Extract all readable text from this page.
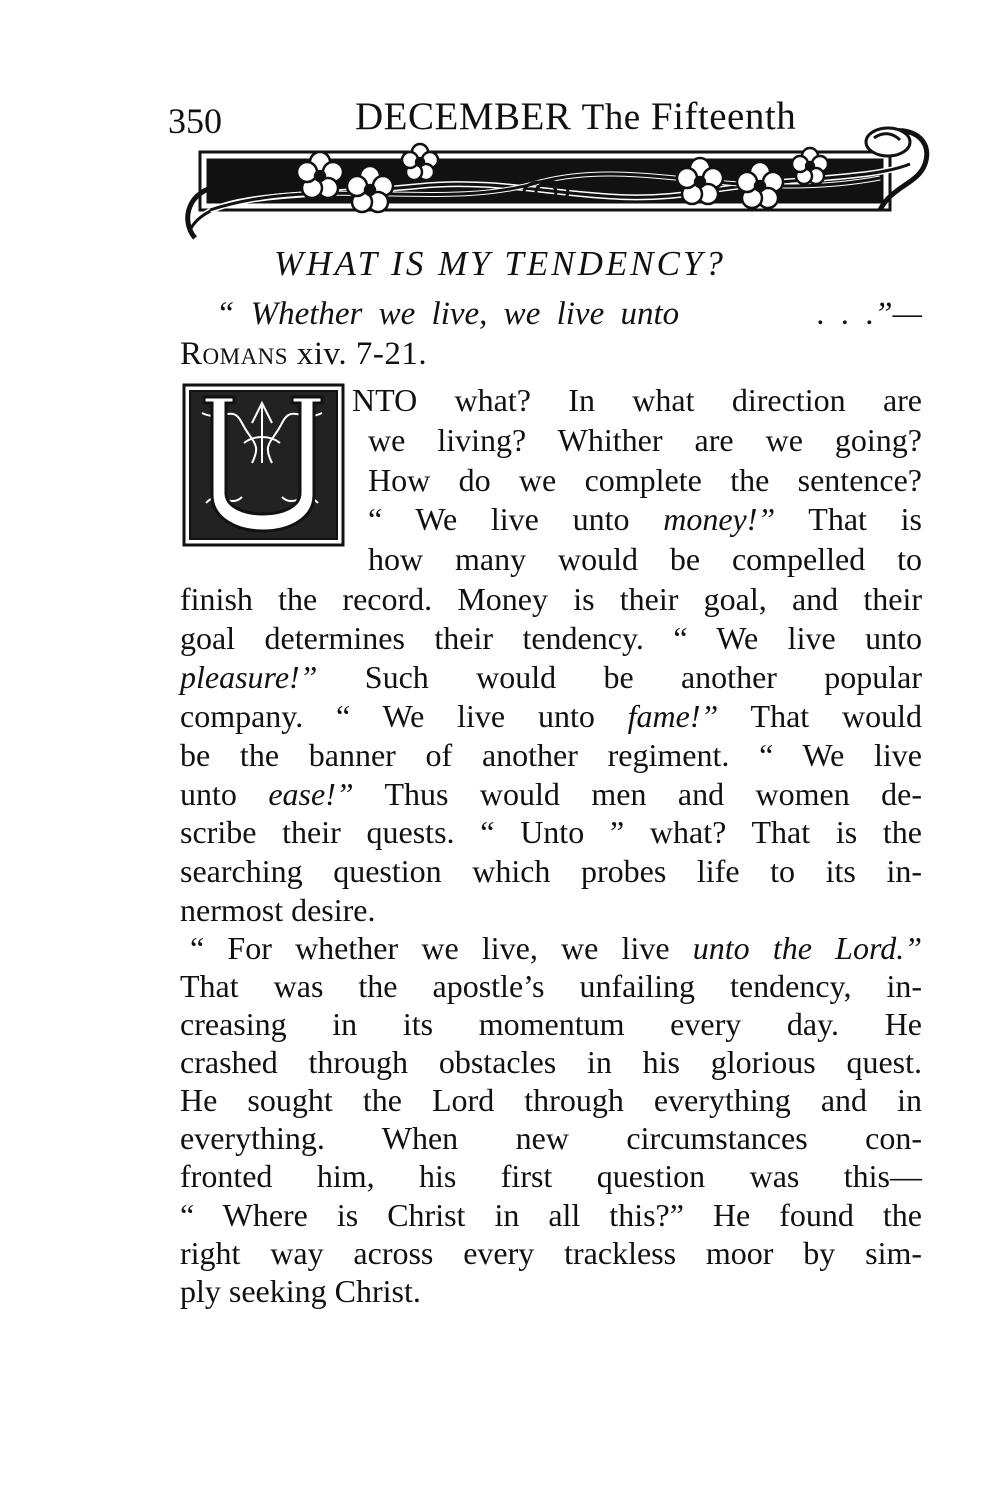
350	DECEMBER The Fifteenth
WHAT IS MY TENDENCY?
“ Whether we live, we live unto	. . .”—
Romans xiv. 7-21.
NTO what? In what direction are
we living? Whither are we going?
How do we complete the sentence?
“ We live unto money!” That is
how many would be compelled to
finish the record. Money is their goal, and their
goal determines their tendency. “ We live unto
pleasure!” Such would be another popular
company. “ We live unto fame!” That would
be the banner of another regiment. “ We live
unto ease!” Thus would men and women de-
scribe their quests. “ Unto ” what? That is the
searching question which probes life to its in-
nermost desire.
“ For whether we live, we live unto the Lord.”
That was the apostle’s unfailing tendency, in-
creasing in its momentum every day. He
crashed through obstacles in his glorious quest.
He sought the Lord through everything and in
everything. When new circumstances con-
fronted him, his first question was this—
“ Where is Christ in all this?” He found the
right way across every trackless moor by sim-
ply seeking Christ.
